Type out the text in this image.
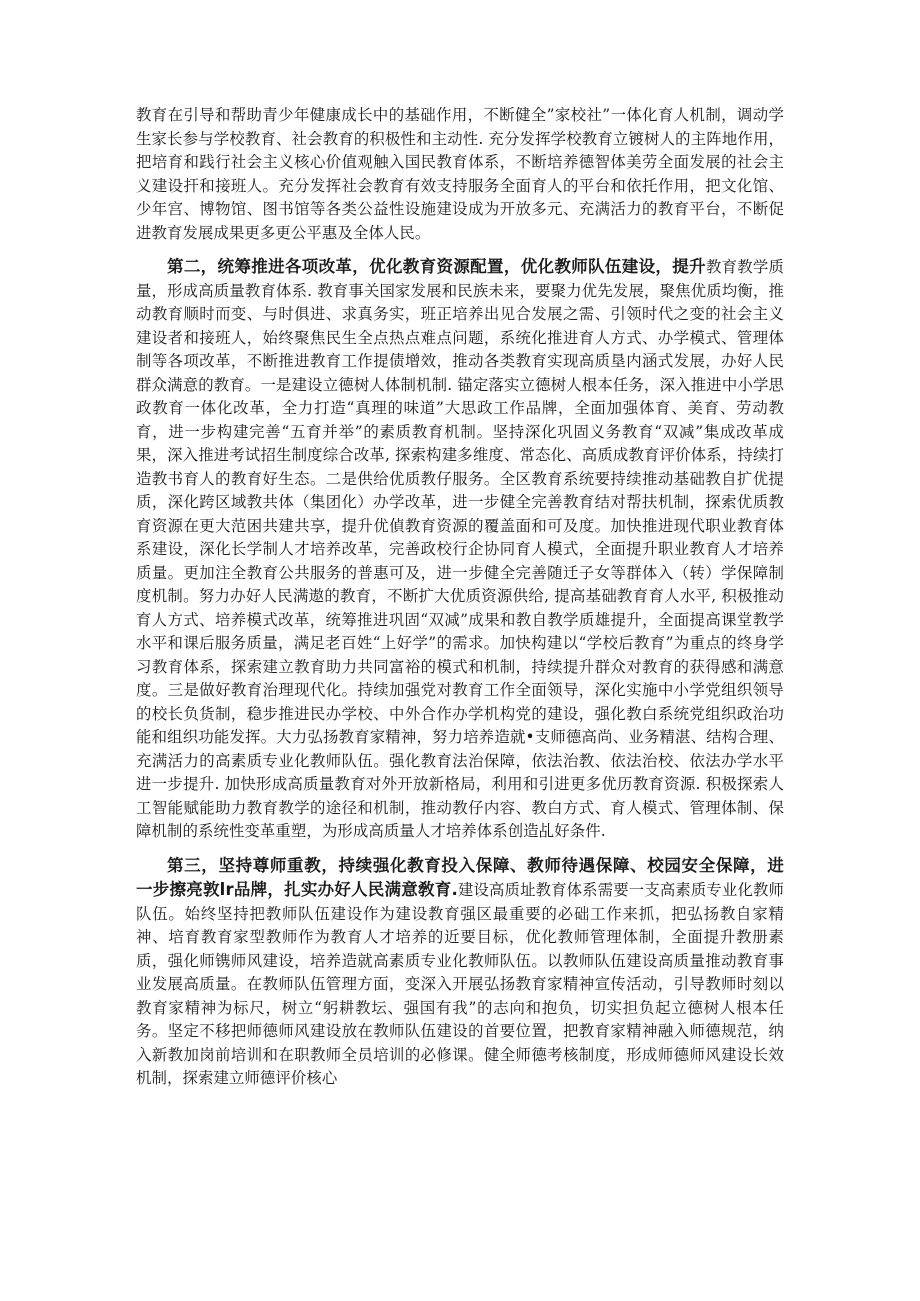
教育在引导和帮助青少年健康成长中的基础作用，不断健全”家校社”一体化育人机制，调动学生家长参与学校教育、社会教育的积极性和主动性. 充分发挥学校教育立镀树人的主阵地作用，把培育和践行社会主义核心价值观触入国民教育体系，不断培养德智体美劳全面发展的社会主义建设扞和接班人。充分发挥社会教育有效支持服务全面育人的平台和依托作用，把文化馆、少年宫、博物馆、图书馆等各类公益性设施建设成为开放多元、充满活力的教育平台，不断促进教育发展成果更多更公平惠及全体人民。

第二，统筹推进各项改革，优化教育资源配置，优化教师队伍建设，提升教育教学质量，形成高质量教育体系. 教育事关国家发展和民族未来，要聚力优先发展，聚焦优质均衡，推动教育顺时而变、与时俱进、求真务实，班正培养出见合发展之需、引领时代之变的社会主义建设者和接班人，始终聚焦民生全点热点难点问题，系统化推进育人方式、办学模式、管理体制等各项改革，不断推进教育工作提债增效，推动各类教育实现高质垦内涵式发展，办好人民群众满意的教育。一是建设立德树人体制机制. 锚定落实立德树人根本任务，深入推进中小学思政教育一体化改革，全力打造“真理的味道”大思政工作品牌，全面加强体育、美育、劳动教育，进一步构建完善“五育并举”的素质教育机制。坚持深化巩固义务教育“双减”集成改革成果，深入推进考试招生制度综合改革, 探索构建多维度、常态化、高质成教育评价体系，持续打造教书育人的教育好生态。二是供给优质教仔服务。全区教育系统要持续推动基础教自扩优提质，深化跨区域教共体（集团化）办学改革，进一步健全完善教育结对帮扶机制，探索优质教育资源在更大范困共建共享，提升优偵教育资源的覆盖面和可及度。加快推进现代职业教育体系建设，深化长学制人才培养改革，完善政校行企协同育人模式，全面提升职业教育人才培养质量。更加注全教育公共服务的普惠可及，进一步健全完善随迁子女等群体入（转）学保障制度机制。努力办好人民满遨的教育，不断扩大优质资源供给, 提高基础教育育人水平, 积极推动育人方式、培养模式改革，统筹推进巩固“双减”成果和教自教学质雄提升，全面提高课堂教学水平和课后服务质量，满足老百姓“上好学”的需求。加快构建以“学校后教育”为重点的终身学习教育体系，探索建立教育助力共同富裕的模式和机制，持续提升群众对教育的获得感和满意度。三是做好教育治理现代化。持续加强党对教育工作全面领导，深化实施中小学党组织领导的校长负货制，稳步推进民办学校、中外合作办学机构党的建设，强化教白系统党组织政治功能和组织功能发挥。大力弘扬教育家精神，努力培养造就•支师德高尚、业务精湛、结构合理、充满活力的高素质专业化教师队伍。强化教育法治保障，依法治教、依法治校、依法办学水平进一步提升. 加快形成高质量教育对外开放新格局，利用和引进更多优历教育资源. 积极探索人工智能赋能助力教育教学的途径和机制，推动教仔内容、教白方式、育人模式、管理体制、保障机制的系统性变革重塑，为形成高质量人才培养体系创造乩好条件.

第三，坚持尊师重教，持续强化教育投入保障、教师待遇保障、校园安全保障，进一步擦亮敦lr品牌，扎实办好人民满意敎育.建设高质址教育体系需要一支高素质专业化教师队伍。始终坚持把教师队伍建设作为建设教育强区最重要的必础工作来抓，把弘扬教自家精神、培育教育家型教师作为教育人才培养的近要目标，优化教师管理体制，全面提升教册素质，强化师镌师风建设，培养造就高素质专业化教师队伍。以教师队伍建设高质量推动教育事业发展高质量。在教师队伍管理方面，变深入开展弘扬教育家精神宣传活动，引导教师时刻以教育家精神为标尺，树立“躬耕教坛、强国有我”的志向和抱负，切实担负起立德树人根本任务。坚定不移把师德师风建设放在教师队伍建设的首要位置，把教育家精神融入师德规范，纳入新教加岗前培训和在职教师全员培训的必修课。健全师德考核制度，形成师德师风建设长效机制，探索建立师德评价核心
